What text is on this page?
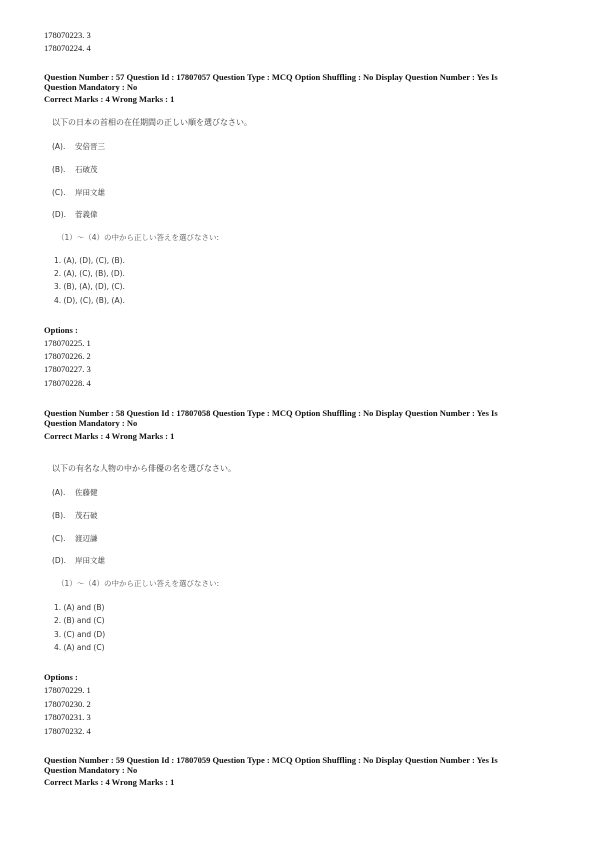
178070223. 3
178070224. 4
Question Number : 57 Question Id : 17807057 Question Type : MCQ Option Shuffling : No Display Question Number : Yes Is
Question Mandatory : No
Correct Marks : 4 Wrong Marks : 1
以下の日本の首相の在任期間の正しい順を選びなさい。
(A). 安倍晋三
(B). 石破茂
(C). 岸田文雄
(D). 菅義偉
（1）～（4）の中から正しい答えを選びなさい:
1. (A), (D), (C), (B).
2. (A), (C), (B), (D).
3. (B), (A), (D), (C).
4. (D), (C), (B), (A).
Options :
178070225. 1
178070226. 2
178070227. 3
178070228. 4
Question Number : 58 Question Id : 17807058 Question Type : MCQ Option Shuffling : No Display Question Number : Yes Is
Question Mandatory : No
Correct Marks : 4 Wrong Marks : 1
以下の有名な人物の中から俳優の名を選びなさい。
(A). 佐藤健
(B). 茂石破
(C). 渡辺謙
(D). 岸田文雄
（1）～（4）の中から正しい答えを選びなさい:
1. (A) and (B)
2. (B) and (C)
3. (C) and (D)
4. (A) and (C)
Options :
178070229. 1
178070230. 2
178070231. 3
178070232. 4
Question Number : 59 Question Id : 17807059 Question Type : MCQ Option Shuffling : No Display Question Number : Yes Is
Question Mandatory : No
Correct Marks : 4 Wrong Marks : 1
